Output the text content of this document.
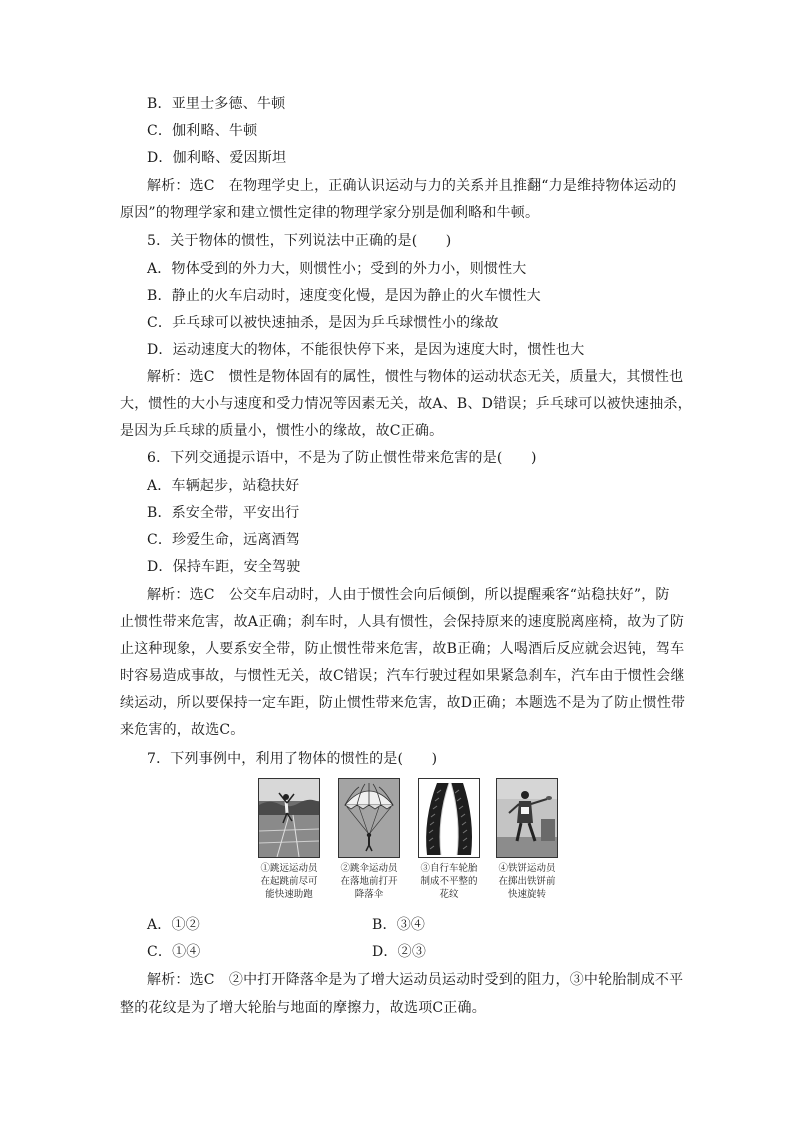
B．亚里士多德、牛顿
C．伽利略、牛顿
D．伽利略、爱因斯坦
解析：选C　在物理学史上，正确认识运动与力的关系并且推翻“力是维持物体运动的
原因”的物理学家和建立惯性定律的物理学家分别是伽利略和牛顿。
5．关于物体的惯性，下列说法中正确的是(　　)
A．物体受到的外力大，则惯性小；受到的外力小，则惯性大
B．静止的火车启动时，速度变化慢，是因为静止的火车惯性大
C．乒乓球可以被快速抽杀，是因为乒乓球惯性小的缘故
D．运动速度大的物体，不能很快停下来，是因为速度大时，惯性也大
解析：选C　惯性是物体固有的属性，惯性与物体的运动状态无关，质量大，其惯性也
大，惯性的大小与速度和受力情况等因素无关，故A、B、D错误；乒乓球可以被快速抽杀，
是因为乒乓球的质量小，惯性小的缘故，故C正确。
6．下列交通提示语中，不是为了防止惯性带来危害的是(　　)
A．车辆起步，站稳扶好
B．系安全带，平安出行
C．珍爱生命，远离酒驾
D．保持车距，安全驾驶
解析：选C　公交车启动时，人由于惯性会向后倾倒，所以提醒乘客“站稳扶好”，防
止惯性带来危害，故A正确；刹车时，人具有惯性，会保持原来的速度脱离座椅，故为了防
止这种现象，人要系安全带，防止惯性带来危害，故B正确；人喝酒后反应就会迟钝，驾车
时容易造成事故，与惯性无关，故C错误；汽车行驶过程如果紧急刹车，汽车由于惯性会继
续运动，所以要保持一定车距，防止惯性带来危害，故D正确；本题选不是为了防止惯性带
来危害的，故选C。
7．下列事例中，利用了物体的惯性的是(　　)
①跳远运动员在起跳前尽可能快速助跑
②跳伞运动员在落地前打开降落伞
③自行车轮胎制成不平整的花纹
④铁饼运动员在掷出铁饼前快速旋转
A．①②	B．③④
C．①④	D．②③
解析：选C　②中打开降落伞是为了增大运动员运动时受到的阻力，③中轮胎制成不平
整的花纹是为了增大轮胎与地面的摩擦力，故选项C正确。
